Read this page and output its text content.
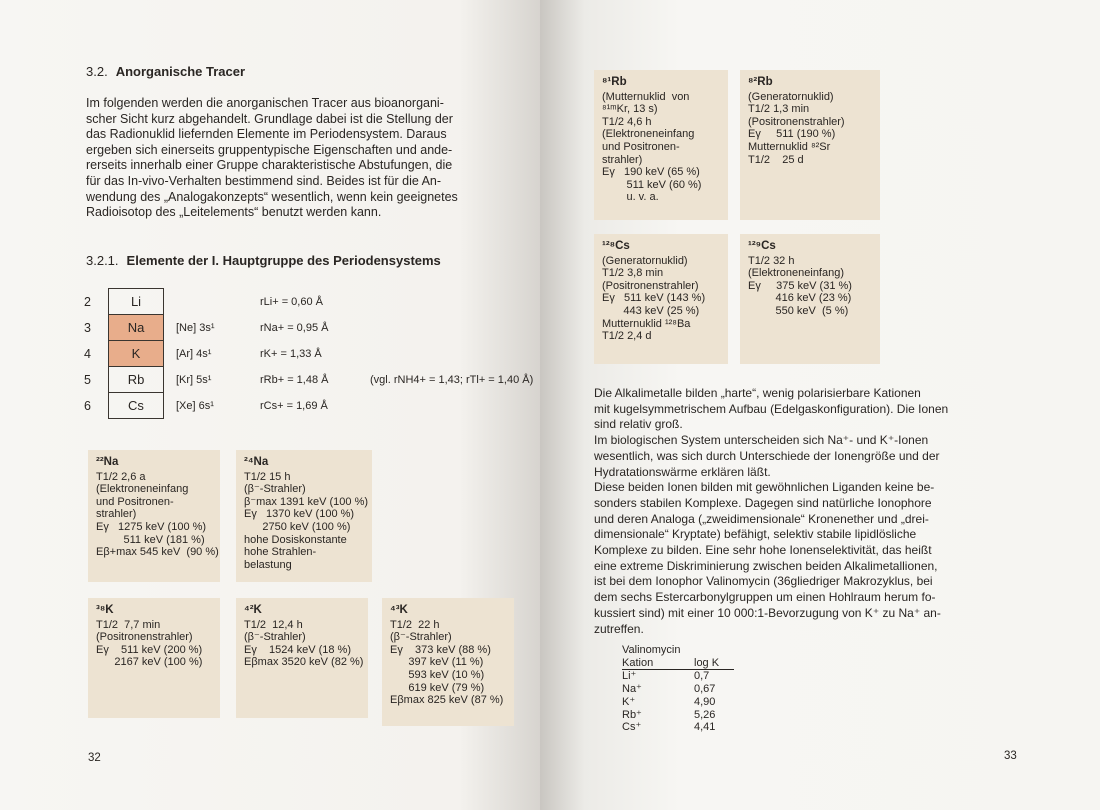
3.2. Anorganische Tracer

Im folgenden werden die anorganischen Tracer aus bioanorgani-

scher Sicht kurz abgehandelt. Grundlage dabei ist die Stellung der

das Radionuklid liefernden Elemente im Periodensystem. Daraus

ergeben sich einerseits gruppentypische Eigenschaften und ande-

rerseits innerhalb einer Gruppe charakteristische Abstufungen, die

für das In-vivo-Verhalten bestimmend sind. Beides ist für die An-

wendung des „Analogakonzepts“ wesentlich, wenn kein geeignetes

Radioisotop des „Leitelements“ benutzt werden kann.

3.2.1. Elemente der I. Hauptgruppe des Periodensystems
2	Li		rLi+ = 0,60 Å	
3	Na	[Ne] 3s¹	rNa+ = 0,95 Å	
4	K	[Ar] 4s¹	rK+ = 1,33 Å	
5	Rb	[Kr] 5s¹	rRb+ = 1,48 Å	(vgl. rNH4+ = 1,43; rTl+ = 1,40 Å)
6	Cs	[Xe] 6s¹	rCs+ = 1,69 Å	
²²Na
T1/2 2,6 a
(Elektroneneinfang
und Positronen-
strahler)
Eγ   1275 keV (100 %)
511 keV (181 %)
Eβ+max 545 keV  (90 %)
²⁴Na
T1/2 15 h
(β⁻-Strahler)
β⁻max 1391 keV (100 %)
Eγ   1370 keV (100 %)
2750 keV (100 %)
hohe Dosiskonstante
hohe Strahlen-
belastung
³⁸K
T1/2  7,7 min
(Positronenstrahler)
Eγ    511 keV (200 %)
2167 keV (100 %)
⁴²K
T1/2  12,4 h
(β⁻-Strahler)
Eγ    1524 keV (18 %)
Eβmax 3520 keV (82 %)
⁴³K
T1/2  22 h
(β⁻-Strahler)
Eγ    373 keV (88 %)
397 keV (11 %)
593 keV (10 %)
619 keV (79 %)
Eβmax 825 keV (87 %)
32
⁸¹Rb
(Mutternuklid  von
⁸¹ᵐKr, 13 s)
T1/2 4,6 h
(Elektroneneinfang
und Positronen-
strahler)
Eγ   190 keV (65 %)
511 keV (60 %)
u. v. a.
⁸²Rb
(Generatornuklid)
T1/2 1,3 min
(Positronenstrahler)
Eγ     511 (190 %)
Mutternuklid ⁸²Sr
T1/2    25 d
¹²⁸Cs
(Generatornuklid)
T1/2 3,8 min
(Positronenstrahler)
Eγ   511 keV (143 %)
443 keV (25 %)
Mutternuklid ¹²⁸Ba
T1/2 2,4 d
¹²⁹Cs
T1/2 32 h
(Elektroneneinfang)
Eγ     375 keV (31 %)
416 keV (23 %)
550 keV  (5 %)

Die Alkalimetalle bilden „harte“, wenig polarisierbare Kationen

mit kugelsymmetrischem Aufbau (Edelgaskonfiguration). Die Ionen

sind relativ groß.

Im biologischen System unterscheiden sich Na⁺- und K⁺-Ionen

wesentlich, was sich durch Unterschiede der Ionengröße und der

Hydratationswärme erklären läßt.

Diese beiden Ionen bilden mit gewöhnlichen Liganden keine be-

sonders stabilen Komplexe. Dagegen sind natürliche Ionophore

und deren Analoga („zweidimensionale“ Kronenether und „drei-

dimensionale“ Kryptate) befähigt, selektiv stabile lipidlösliche

Komplexe zu bilden. Eine sehr hohe Ionenselektivität, das heißt

eine extreme Diskriminierung zwischen beiden Alkalimetallionen,

ist bei dem Ionophor Valinomycin (36gliedriger Makrozyklus, bei

dem sechs Estercarbonylgruppen um einen Hohlraum herum fo-

kussiert sind) mit einer 10 000:1-Bevorzugung von K⁺ zu Na⁺ an-

zutreffen.

33
Valinomycin	
Kation	log K
Li⁺	0,7
Na⁺	0,67
K⁺	4,90
Rb⁺	5,26
Cs⁺	4,41
